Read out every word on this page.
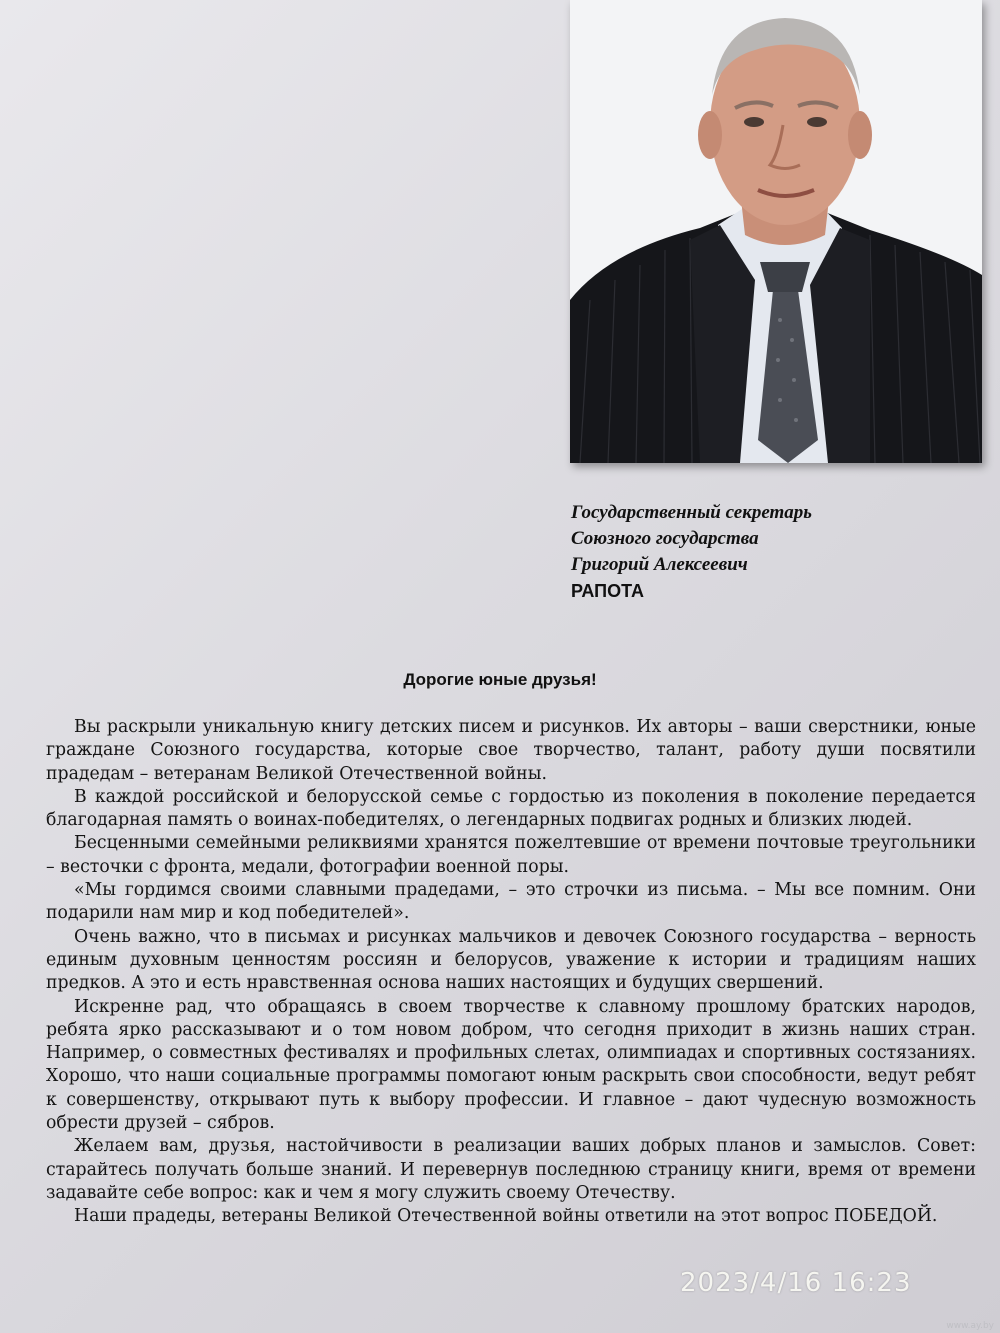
Государственный секретарь
Союзного государства
Григорий Алексеевич
РАПОТА
Дорогие юные друзья!

Вы раскрыли уникальную книгу детских писем и рисунков. Их авторы – ваши сверстники, юные граждане Союзного государства, которые свое творчество, талант, работу души посвятили прадедам – ветеранам Великой Отечественной войны.

В каждой российской и белорусской семье с гордостью из поколения в поколение передается благодарная память о воинах-победителях, о легендарных подвигах родных и близких людей.

Бесценными семейными реликвиями хранятся пожелтевшие от времени почтовые треугольники – весточки с фронта, медали, фотографии военной поры.

«Мы гордимся своими славными прадедами, – это строчки из письма. – Мы все помним. Они подарили нам мир и код победителей».

Очень важно, что в письмах и рисунках мальчиков и девочек Союзного государства – верность единым духовным ценностям россиян и белорусов, уважение к истории и традициям наших предков. А это и есть нравственная основа наших настоящих и будущих свершений.

Искренне рад, что обращаясь в своем творчестве к славному прошлому братских народов, ребята ярко рассказывают и о том новом добром, что сегодня приходит в жизнь наших стран. Например, о совместных фестивалях и профильных слетах, олимпиадах и спортивных состязаниях. Хорошо, что наши социальные программы помогают юным раскрыть свои способности, ведут ребят к совершенству, открывают путь к выбору профессии. И главное – дают чудесную возможность обрести друзей – сябров.

Желаем вам, друзья, настойчивости в реализации ваших добрых планов и замыслов. Совет: старайтесь получать больше знаний. И перевернув последнюю страницу книги, время от времени задавайте себе вопрос: как и чем я могу служить своему Отечеству.

Наши прадеды, ветераны Великой Отечественной войны ответили на этот вопрос ПОБЕДОЙ.

2023/4/16 16:23
www.ay.by
